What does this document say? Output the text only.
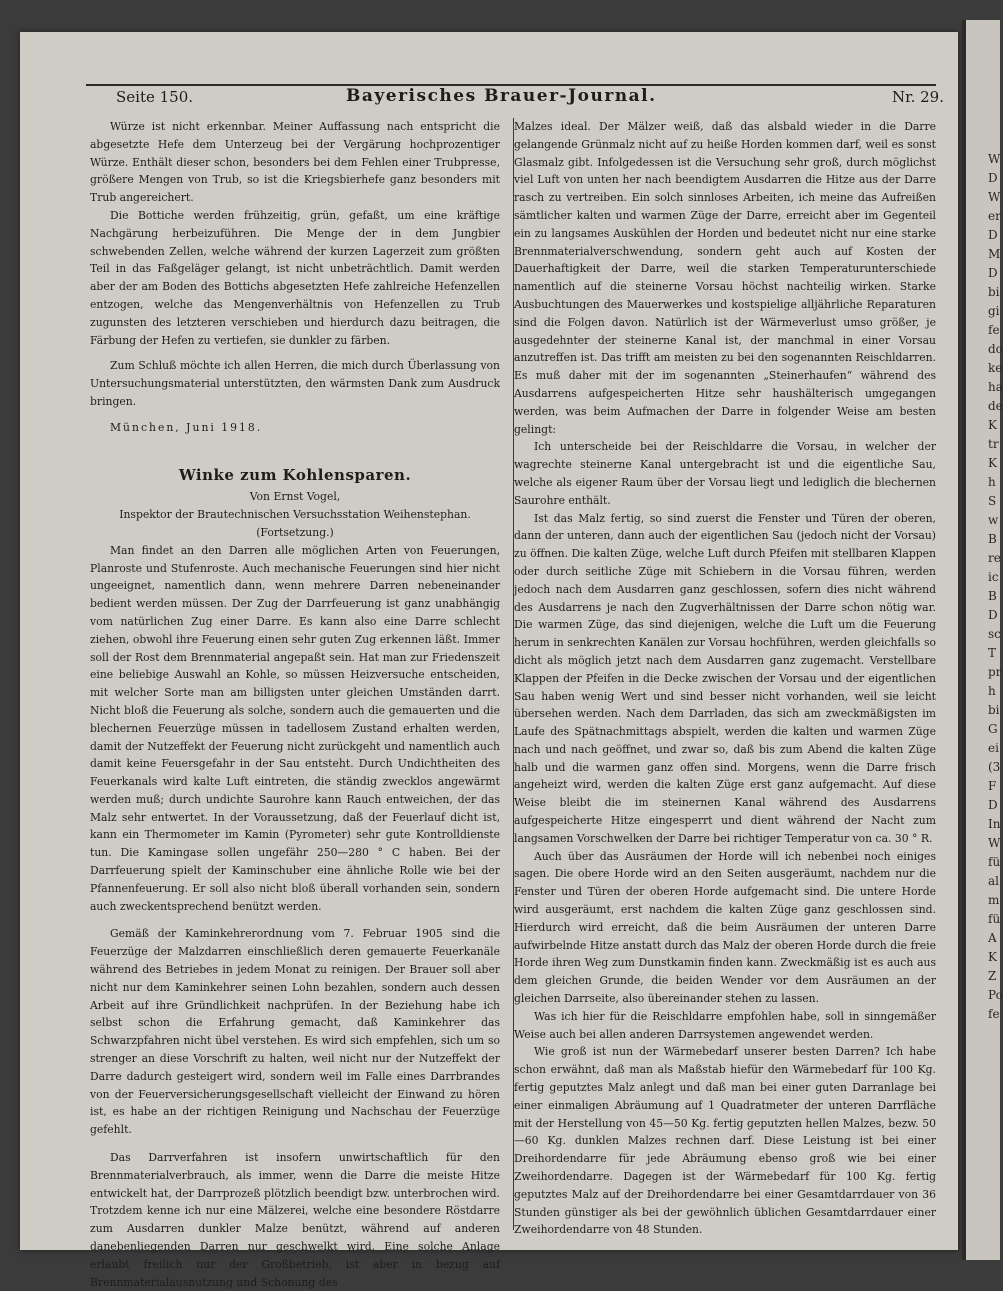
Seite 150.	Bayerisches Brauer-Journal.	Nr. 29.

Würze ist nicht erkennbar. Meiner Auffassung nach entspricht die abgesetzte Hefe dem Unterzeug bei der Vergärung hochprozentiger Würze. Enthält dieser schon, besonders bei dem Fehlen einer Trubpresse, größere Mengen von Trub, so ist die Kriegsbierhefe ganz besonders mit Trub angereichert.

Die Bottiche werden frühzeitig, grün, gefaßt, um eine kräftige Nachgärung herbeizuführen. Die Menge der in dem Jungbier schwebenden Zellen, welche während der kurzen Lagerzeit zum größten Teil in das Faßgeläger gelangt, ist nicht unbeträchtlich. Damit werden aber der am Boden des Bottichs abgesetzten Hefe zahlreiche Hefenzellen entzogen, welche das Mengenverhältnis von Hefenzellen zu Trub zugunsten des letzteren verschieben und hierdurch dazu beitragen, die Färbung der Hefen zu vertiefen, sie dunkler zu färben.

Zum Schluß möchte ich allen Herren, die mich durch Überlassung von Untersuchungsmaterial unterstützten, den wärmsten Dank zum Ausdruck bringen.

München, Juni 1918.

Winke zum Kohlensparen.

Von Ernst Vogel,

Inspektor der Brautechnischen Versuchsstation Weihenstephan.

(Fortsetzung.)

Man findet an den Darren alle möglichen Arten von Feuerungen, Planroste und Stufenroste. Auch mechanische Feuerungen sind hier nicht ungeeignet, namentlich dann, wenn mehrere Darren nebeneinander bedient werden müssen. Der Zug der Darrfeuerung ist ganz unabhängig vom natürlichen Zug einer Darre. Es kann also eine Darre schlecht ziehen, obwohl ihre Feuerung einen sehr guten Zug erkennen läßt. Immer soll der Rost dem Brennmaterial angepaßt sein. Hat man zur Friedenszeit eine beliebige Auswahl an Kohle, so müssen Heizversuche entscheiden, mit welcher Sorte man am billigsten unter gleichen Umständen darrt. Nicht bloß die Feuerung als solche, sondern auch die gemauerten und die blechernen Feuerzüge müssen in tadellosem Zustand erhalten werden, damit der Nutzeffekt der Feuerung nicht zurückgeht und namentlich auch damit keine Feuersgefahr in der Sau entsteht. Durch Undichtheiten des Feuerkanals wird kalte Luft eintreten, die ständig zwecklos angewärmt werden muß; durch undichte Saurohre kann Rauch entweichen, der das Malz sehr entwertet. In der Voraussetzung, daß der Feuerlauf dicht ist, kann ein Thermometer im Kamin (Pyrometer) sehr gute Kontrolldienste tun. Die Kamingase sollen ungefähr 250—280 ° C haben. Bei der Darrfeuerung spielt der Kaminschuber eine ähnliche Rolle wie bei der Pfannenfeuerung. Er soll also nicht bloß überall vorhanden sein, sondern auch zweckentsprechend benützt werden.

Gemäß der Kaminkehrerordnung vom 7. Februar 1905 sind die Feuerzüge der Malzdarren einschließlich deren gemauerte Feuerkanäle während des Betriebes in jedem Monat zu reinigen. Der Brauer soll aber nicht nur dem Kaminkehrer seinen Lohn bezahlen, sondern auch dessen Arbeit auf ihre Gründlichkeit nachprüfen. In der Beziehung habe ich selbst schon die Erfahrung gemacht, daß Kaminkehrer das Schwarzpfahren nicht übel verstehen. Es wird sich empfehlen, sich um so strenger an diese Vorschrift zu halten, weil nicht nur der Nutzeffekt der Darre dadurch gesteigert wird, sondern weil im Falle eines Darrbrandes von der Feuerversicherungsgesellschaft vielleicht der Einwand zu hören ist, es habe an der richtigen Reinigung und Nachschau der Feuerzüge gefehlt.

Das Darrverfahren ist insofern unwirtschaftlich für den Brennmaterialverbrauch, als immer, wenn die Darre die meiste Hitze entwickelt hat, der Darrprozeß plötzlich beendigt bzw. unterbrochen wird. Trotzdem kenne ich nur eine Mälzerei, welche eine besondere Röstdarre zum Ausdarren dunkler Malze benützt, während auf anderen danebenliegenden Darren nur geschwelkt wird. Eine solche Anlage erlaubt freilich nur der Großbetrieb, ist aber in bezug auf Brennmaterialausnutzung und Schonung des

Malzes ideal. Der Mälzer weiß, daß das alsbald wieder in die Darre gelangende Grünmalz nicht auf zu heiße Horden kommen darf, weil es sonst Glasmalz gibt. Infolgedessen ist die Versuchung sehr groß, durch möglichst viel Luft von unten her nach beendigtem Ausdarren die Hitze aus der Darre rasch zu vertreiben. Ein solch sinnloses Arbeiten, ich meine das Aufreißen sämtlicher kalten und warmen Züge der Darre, erreicht aber im Gegenteil ein zu langsames Auskühlen der Horden und bedeutet nicht nur eine starke Brennmaterialverschwendung, sondern geht auch auf Kosten der Dauerhaftigkeit der Darre, weil die starken Temperaturunterschiede namentlich auf die steinerne Vorsau höchst nachteilig wirken. Starke Ausbuchtungen des Mauerwerkes und kostspielige alljährliche Reparaturen sind die Folgen davon. Natürlich ist der Wärmeverlust umso größer, je ausgedehnter der steinerne Kanal ist, der manchmal in einer Vorsau anzutreffen ist. Das trifft am meisten zu bei den sogenannten Reischldarren. Es muß daher mit der im sogenannten „Steinerhaufen“ während des Ausdarrens aufgespeicherten Hitze sehr haushälterisch umgegangen werden, was beim Aufmachen der Darre in folgender Weise am besten gelingt:

Ich unterscheide bei der Reischldarre die Vorsau, in welcher der wagrechte steinerne Kanal untergebracht ist und die eigentliche Sau, welche als eigener Raum über der Vorsau liegt und lediglich die blechernen Saurohre enthält.

Ist das Malz fertig, so sind zuerst die Fenster und Türen der oberen, dann der unteren, dann auch der eigentlichen Sau (jedoch nicht der Vorsau) zu öffnen. Die kalten Züge, welche Luft durch Pfeifen mit stellbaren Klappen oder durch seitliche Züge mit Schiebern in die Vorsau führen, werden jedoch nach dem Ausdarren ganz geschlossen, sofern dies nicht während des Ausdarrens je nach den Zugverhältnissen der Darre schon nötig war. Die warmen Züge, das sind diejenigen, welche die Luft um die Feuerung herum in senkrechten Kanälen zur Vorsau hochführen, werden gleichfalls so dicht als möglich jetzt nach dem Ausdarren ganz zugemacht. Verstellbare Klappen der Pfeifen in die Decke zwischen der Vorsau und der eigentlichen Sau haben wenig Wert und sind besser nicht vorhanden, weil sie leicht übersehen werden. Nach dem Darrladen, das sich am zweckmäßigsten im Laufe des Spätnachmittags abspielt, werden die kalten und warmen Züge nach und nach geöffnet, und zwar so, daß bis zum Abend die kalten Züge halb und die warmen ganz offen sind. Morgens, wenn die Darre frisch angeheizt wird, werden die kalten Züge erst ganz aufgemacht. Auf diese Weise bleibt die im steinernen Kanal während des Ausdarrens aufgespeicherte Hitze eingesperrt und dient während der Nacht zum langsamen Vorschwelken der Darre bei richtiger Temperatur von ca. 30 ° R.

Auch über das Ausräumen der Horde will ich nebenbei noch einiges sagen. Die obere Horde wird an den Seiten ausgeräumt, nachdem nur die Fenster und Türen der oberen Horde aufgemacht sind. Die untere Horde wird ausgeräumt, erst nachdem die kalten Züge ganz geschlossen sind. Hierdurch wird erreicht, daß die beim Ausräumen der unteren Darre aufwirbelnde Hitze anstatt durch das Malz der oberen Horde durch die freie Horde ihren Weg zum Dunstkamin finden kann. Zweckmäßig ist es auch aus dem gleichen Grunde, die beiden Wender vor dem Ausräumen an der gleichen Darrseite, also übereinander stehen zu lassen.

Was ich hier für die Reischldarre empfohlen habe, soll in sinngemäßer Weise auch bei allen anderen Darrsystemen angewendet werden.

Wie groß ist nun der Wärmebedarf unserer besten Darren? Ich habe schon erwähnt, daß man als Maßstab hiefür den Wärmebedarf für 100 Kg. fertig geputztes Malz anlegt und daß man bei einer guten Darranlage bei einer einmaligen Abräumung auf 1 Quadratmeter der unteren Darrfläche mit der Herstellung von 45—50 Kg. fertig geputzten hellen Malzes, bezw. 50—60 Kg. dunklen Malzes rechnen darf. Diese Leistung ist bei einer Dreihordendarre für jede Abräumung ebenso groß wie bei einer Zweihordendarre. Dagegen ist der Wärmebedarf für 100 Kg. fertig geputztes Malz auf der Dreihordendarre bei einer Gesamtdarrdauer von 36 Stunden günstiger als bei der gewöhnlich üblichen Gesamtdarrdauer einer Zweihordendarre von 48 Stunden.

W
D
W
er
D
M
D
bi
gi
fe
do
ke
ha
de
K
tr
K
h
S
w
B
re
ic
B
D
sc
T
pr
h
bi
G
ei
(3
F
D
In
W
fü
al
m
fü
A
K
Z
Po
fe
